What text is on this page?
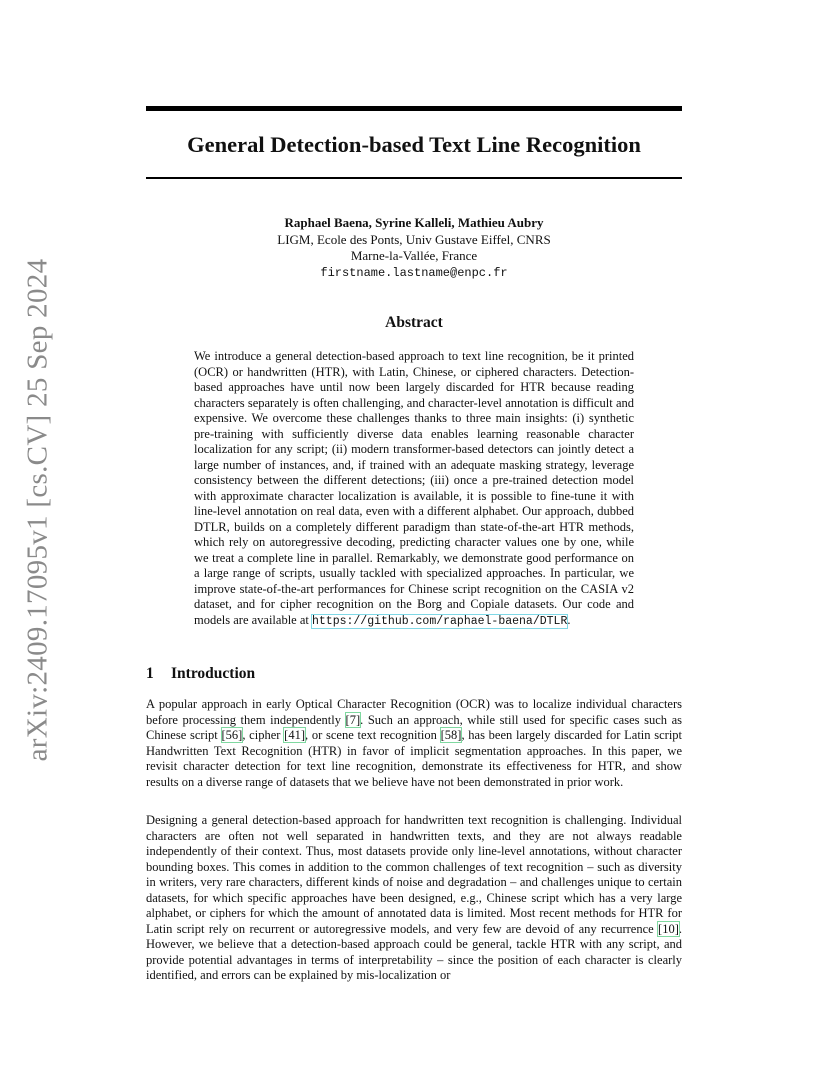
arXiv:2409.17095v1 [cs.CV] 25 Sep 2024
General Detection-based Text Line Recognition
Raphael Baena, Syrine Kalleli, Mathieu Aubry
LIGM, Ecole des Ponts, Univ Gustave Eiffel, CNRS
Marne-la-Vallée, France
firstname.lastname@enpc.fr
Abstract
We introduce a general detection-based approach to text line recognition, be it printed (OCR) or handwritten (HTR), with Latin, Chinese, or ciphered characters. Detection-based approaches have until now been largely discarded for HTR because reading characters separately is often challenging, and character-level annotation is difficult and expensive. We overcome these challenges thanks to three main insights: (i) synthetic pre-training with sufficiently diverse data enables learning reasonable character localization for any script; (ii) modern transformer-based detectors can jointly detect a large number of instances, and, if trained with an adequate masking strategy, leverage consistency between the different detections; (iii) once a pre-trained detection model with approximate character localization is available, it is possible to fine-tune it with line-level annotation on real data, even with a different alphabet. Our approach, dubbed DTLR, builds on a completely different paradigm than state-of-the-art HTR methods, which rely on autoregressive decoding, predicting character values one by one, while we treat a complete line in parallel. Remarkably, we demonstrate good performance on a large range of scripts, usually tackled with specialized approaches. In particular, we improve state-of-the-art performances for Chinese script recognition on the CASIA v2 dataset, and for cipher recognition on the Borg and Copiale datasets. Our code and models are available at https://github.com/raphael-baena/DTLR.
1 Introduction

A popular approach in early Optical Character Recognition (OCR) was to localize individual characters before processing them independently [7]. Such an approach, while still used for specific cases such as Chinese script [56], cipher [41], or scene text recognition [58], has been largely discarded for Latin script Handwritten Text Recognition (HTR) in favor of implicit segmentation approaches. In this paper, we revisit character detection for text line recognition, demonstrate its effectiveness for HTR, and show results on a diverse range of datasets that we believe have not been demonstrated in prior work.

Designing a general detection-based approach for handwritten text recognition is challenging. Individual characters are often not well separated in handwritten texts, and they are not always readable independently of their context. Thus, most datasets provide only line-level annotations, without character bounding boxes. This comes in addition to the common challenges of text recognition – such as diversity in writers, very rare characters, different kinds of noise and degradation – and challenges unique to certain datasets, for which specific approaches have been designed, e.g., Chinese script which has a very large alphabet, or ciphers for which the amount of annotated data is limited. Most recent methods for HTR for Latin script rely on recurrent or autoregressive models, and very few are devoid of any recurrence [10]. However, we believe that a detection-based approach could be general, tackle HTR with any script, and provide potential advantages in terms of interpretability – since the position of each character is clearly identified, and errors can be explained by mis-localization or
